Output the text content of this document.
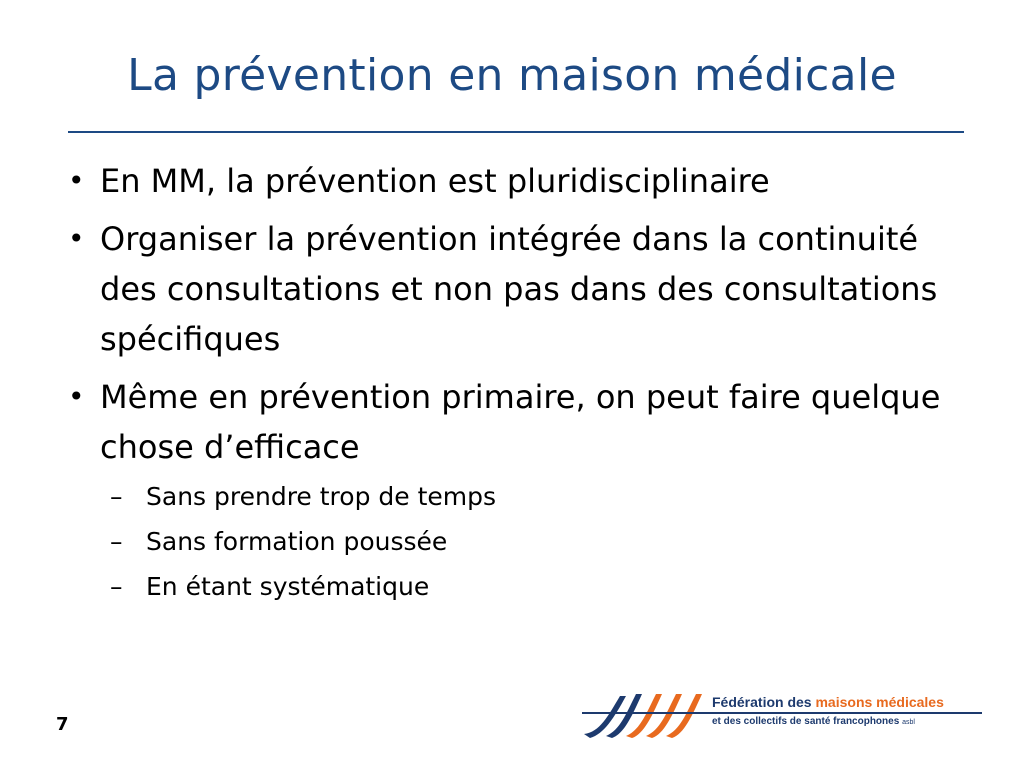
La prévention en maison médicale
• En MM, la prévention est pluridisciplinaire
• Organiser la prévention intégrée dans la continuité des consultations et non pas dans des consultations spécifiques
• Même en prévention primaire, on peut faire quelque chose d’efficace
– Sans prendre trop de temps
– Sans formation poussée
– En étant systématique
7
Fédération des maisons médicales
et des collectifs de santé francophones asbl
